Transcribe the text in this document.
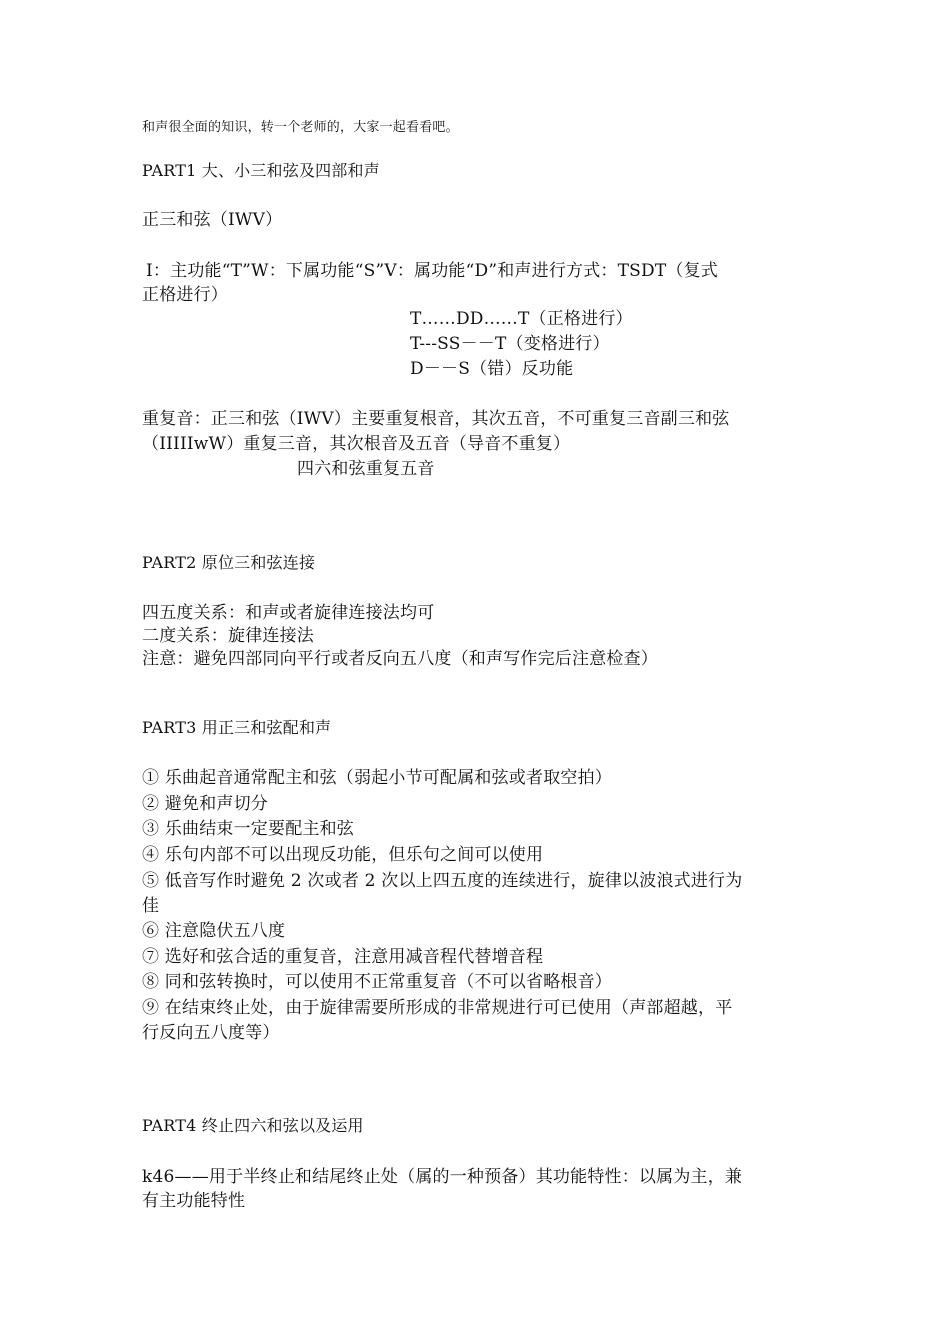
和声很全面的知识，转一个老师的，大家一起看看吧。
PART1 大、小三和弦及四部和声
正三和弦（IWV）
I：主功能“T”W：下属功能“S”V：属功能“D”和声进行方式：TSDT（复式
正格进行）
T……DD……T（正格进行）
T---SS－－T（变格进行）
D－－S（错）反功能
重复音：正三和弦（IWV）主要重复根音，其次五音，不可重复三音副三和弦
（IIIIIwW）重复三音，其次根音及五音（导音不重复）
四六和弦重复五音
PART2 原位三和弦连接
四五度关系：和声或者旋律连接法均可
二度关系：旋律连接法
注意：避免四部同向平行或者反向五八度（和声写作完后注意检查）
PART3 用正三和弦配和声
① 乐曲起音通常配主和弦（弱起小节可配属和弦或者取空拍）
② 避免和声切分
③ 乐曲结束一定要配主和弦
④ 乐句内部不可以出现反功能，但乐句之间可以使用
⑤ 低音写作时避免 2 次或者 2 次以上四五度的连续进行，旋律以波浪式进行为
佳
⑥ 注意隐伏五八度
⑦ 选好和弦合适的重复音，注意用减音程代替增音程
⑧ 同和弦转换时，可以使用不正常重复音（不可以省略根音）
⑨ 在结束终止处，由于旋律需要所形成的非常规进行可已使用（声部超越，平
行反向五八度等）
PART4 终止四六和弦以及运用
k46——用于半终止和结尾终止处（属的一种预备）其功能特性：以属为主，兼
有主功能特性
